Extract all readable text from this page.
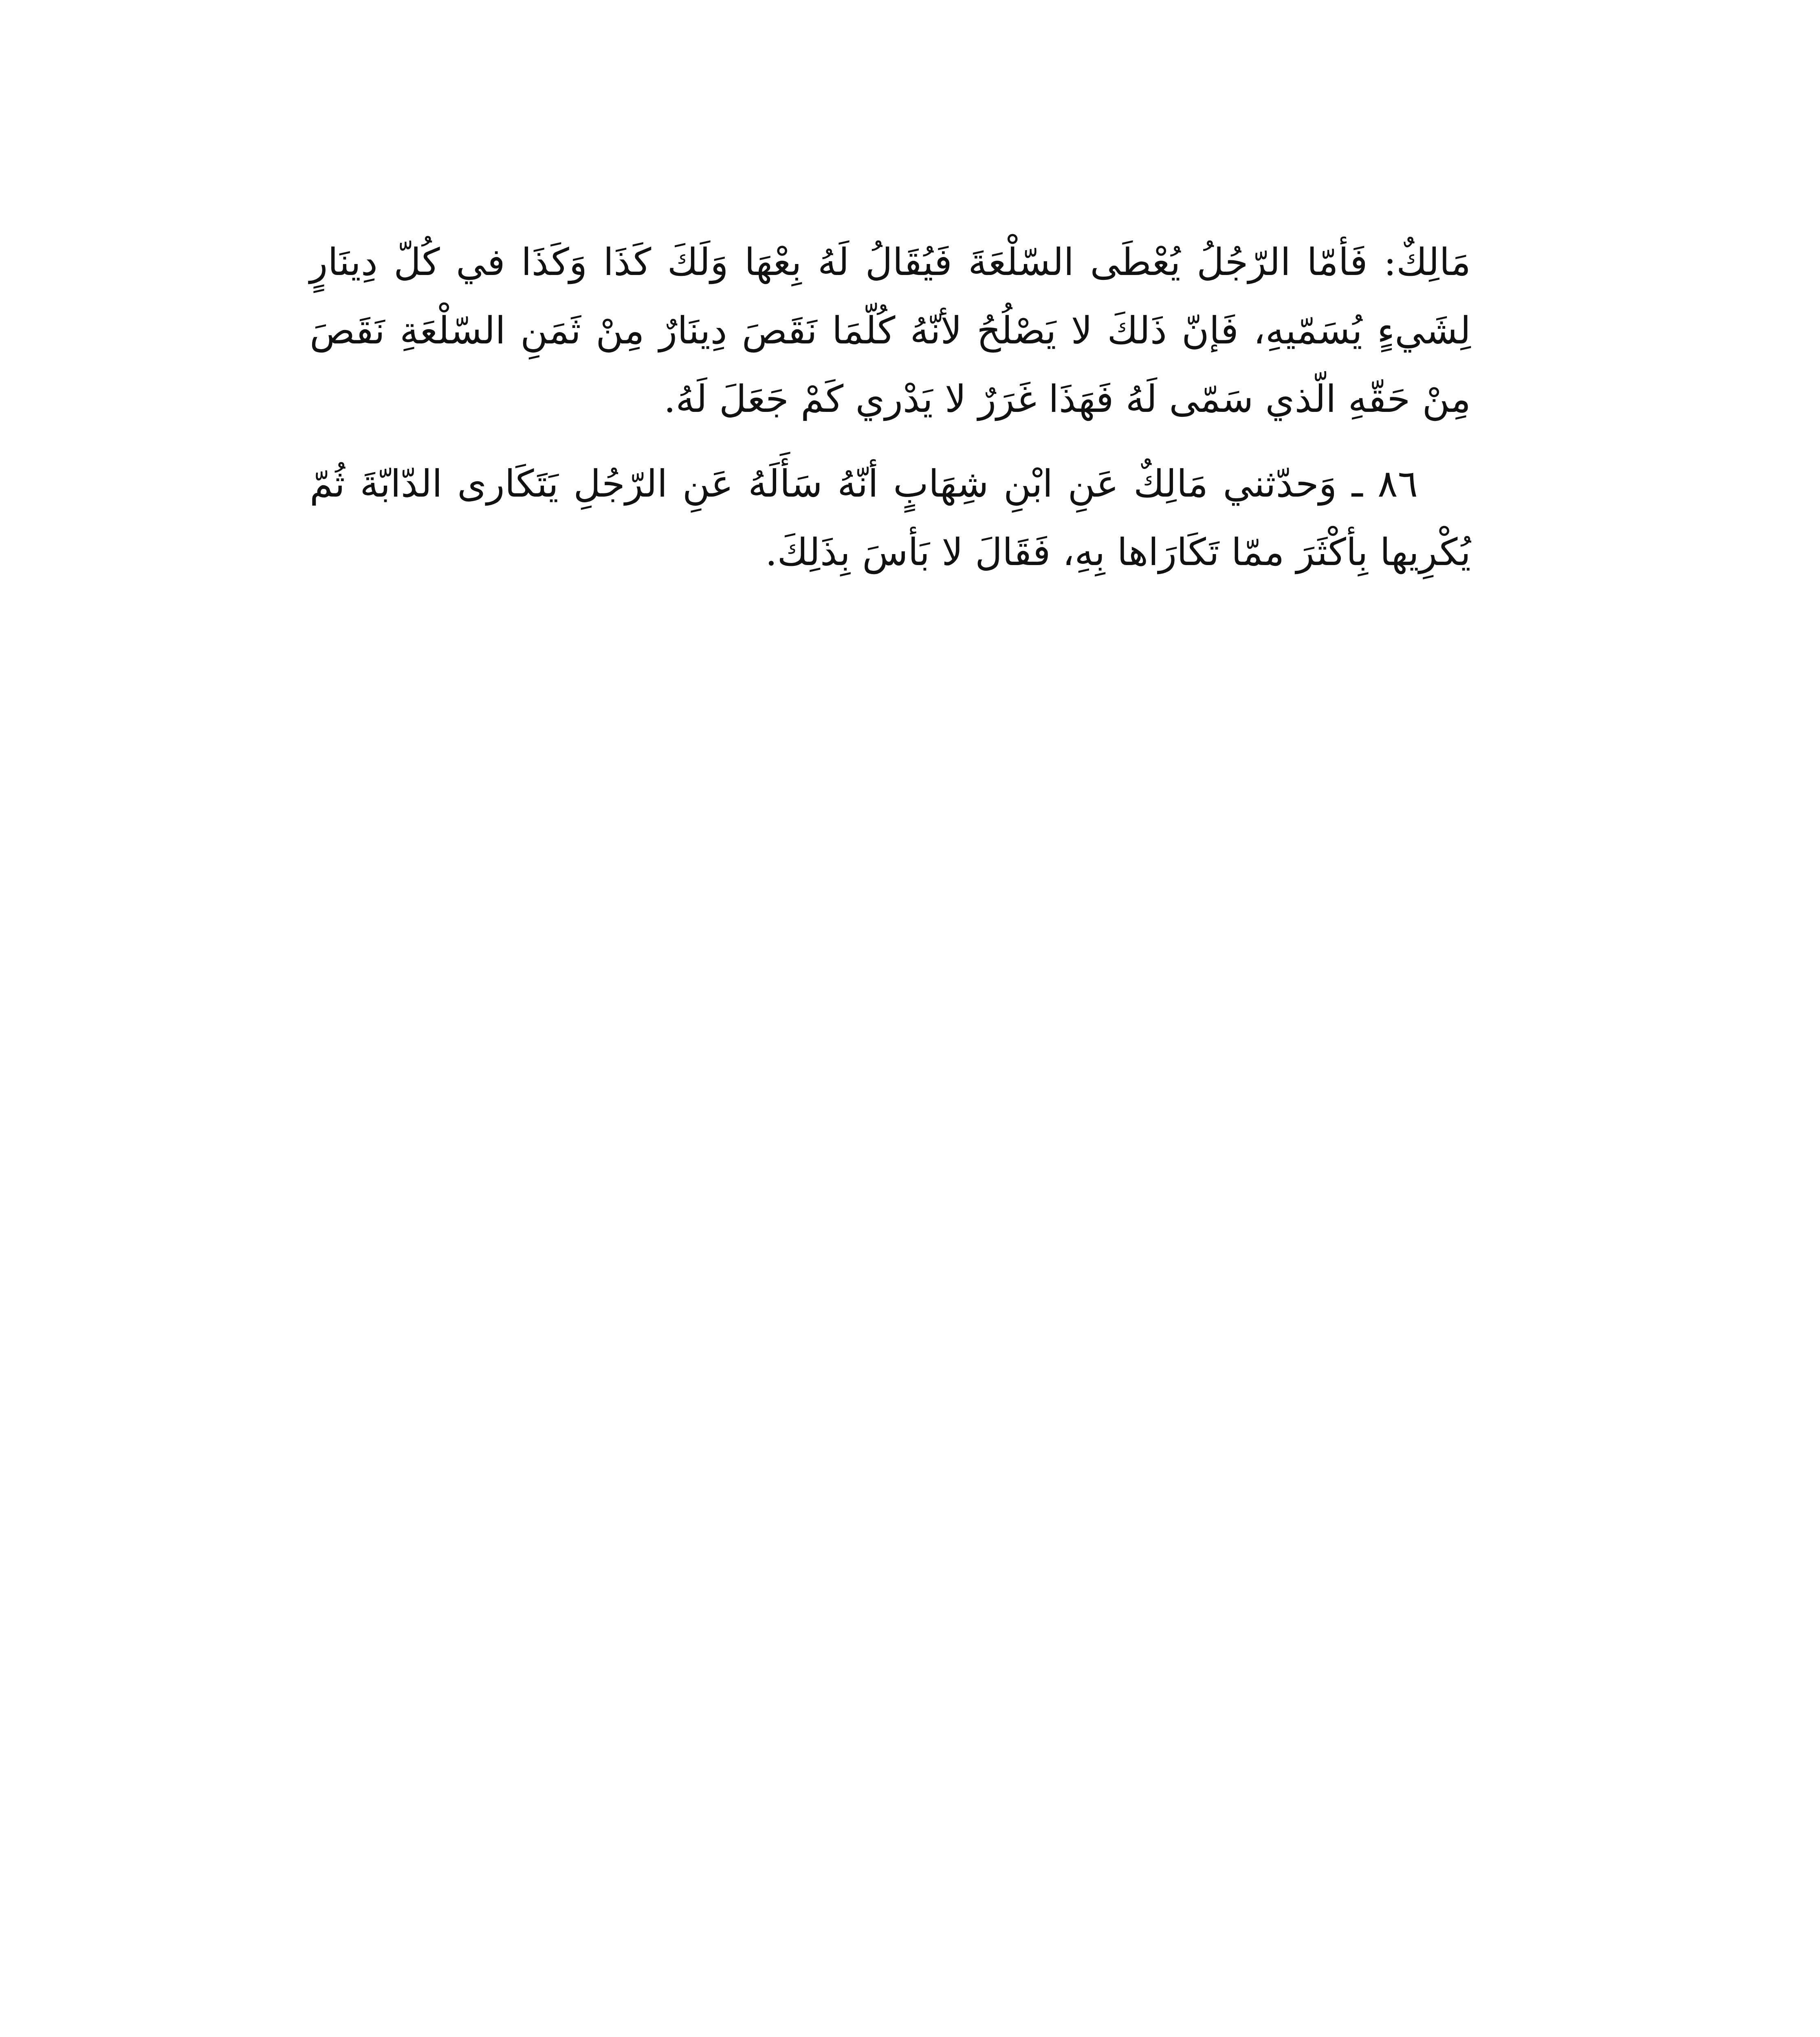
مَالِكٌ: فَأمّا الرّجُلُ يُعْطَى السّلْعَةَ فَيُقَالُ لَهُ بِعْهَا وَلَكَ كَذَا وَكَذَا في كُلّ دِينَارٍ لِشَيءٍ يُسَمّيهِ، فَإنّ ذَلكَ لا يَصْلُحُ لأنّهُ كُلّمَا نَقَصَ دِينَارٌ مِنْ ثَمَنِ السّلْعَةِ نَقَصَ مِنْ حَقّهِ الّذي سَمّى لَهُ فَهَذَا غَرَرٌ لا يَدْري كَمْ جَعَلَ لَهُ.

٨٦ ـ وَحدّثني مَالِكٌ عَنِ ابْنِ شِهَابٍ أنّهُ سَأَلَهُ عَنِ الرّجُلِ يَتَكَارى الدّابّةَ ثُمّ يُكْرِيها بِأكْثَرَ ممّا تَكَارَاها بِهِ، فَقَالَ لا بَأسَ بِذَلِكَ.
